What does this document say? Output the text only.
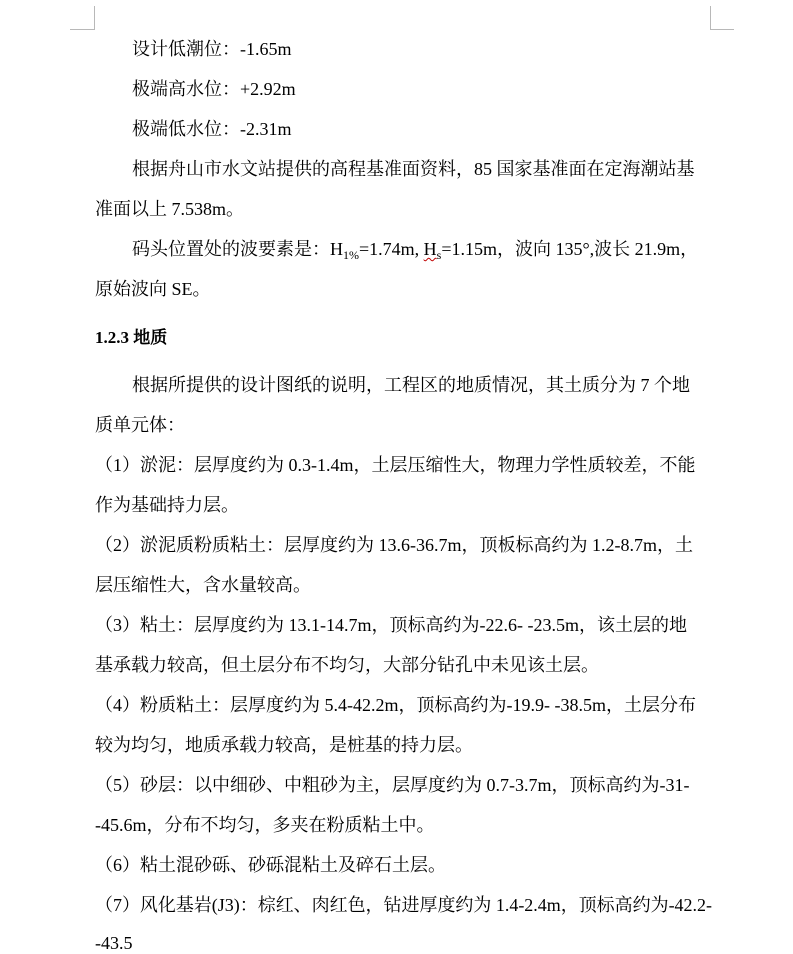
设计低潮位：-1.65m
极端高水位：+2.92m
极端低水位：-2.31m
根据舟山市水文站提供的高程基准面资料，85 国家基准面在定海潮站基
准面以上 7.538m。
码头位置处的波要素是：$H_{1\%}=1.74m$, $H_s=1.15m$，波向 135°,波长 21.9m，
原始波向 SE。
1.2.3 地质
根据所提供的设计图纸的说明，工程区的地质情况，其土质分为 7 个地
质单元体：
（1）淤泥：层厚度约为 0.3-1.4m，土层压缩性大，物理力学性质较差，不能
作为基础持力层。
（2）淤泥质粉质粘土：层厚度约为 13.6-36.7m，顶板标高约为 1.2-8.7m，土
层压缩性大，含水量较高。
（3）粘土：层厚度约为 13.1-14.7m，顶标高约为-22.6- -23.5m，该土层的地
基承载力较高，但土层分布不均匀，大部分钻孔中未见该土层。
（4）粉质粘土：层厚度约为 5.4-42.2m，顶标高约为-19.9- -38.5m，土层分布
较为均匀，地质承载力较高，是桩基的持力层。
（5）砂层：以中细砂、中粗砂为主，层厚度约为 0.7-3.7m，顶标高约为-31-
-45.6m，分布不均匀，多夹在粉质粘土中。
（6）粘土混砂砾、砂砾混粘土及碎石土层。
（7）风化基岩(J3)：棕红、肉红色，钻进厚度约为 1.4-2.4m，顶标高约为-42.2-
-43.5
